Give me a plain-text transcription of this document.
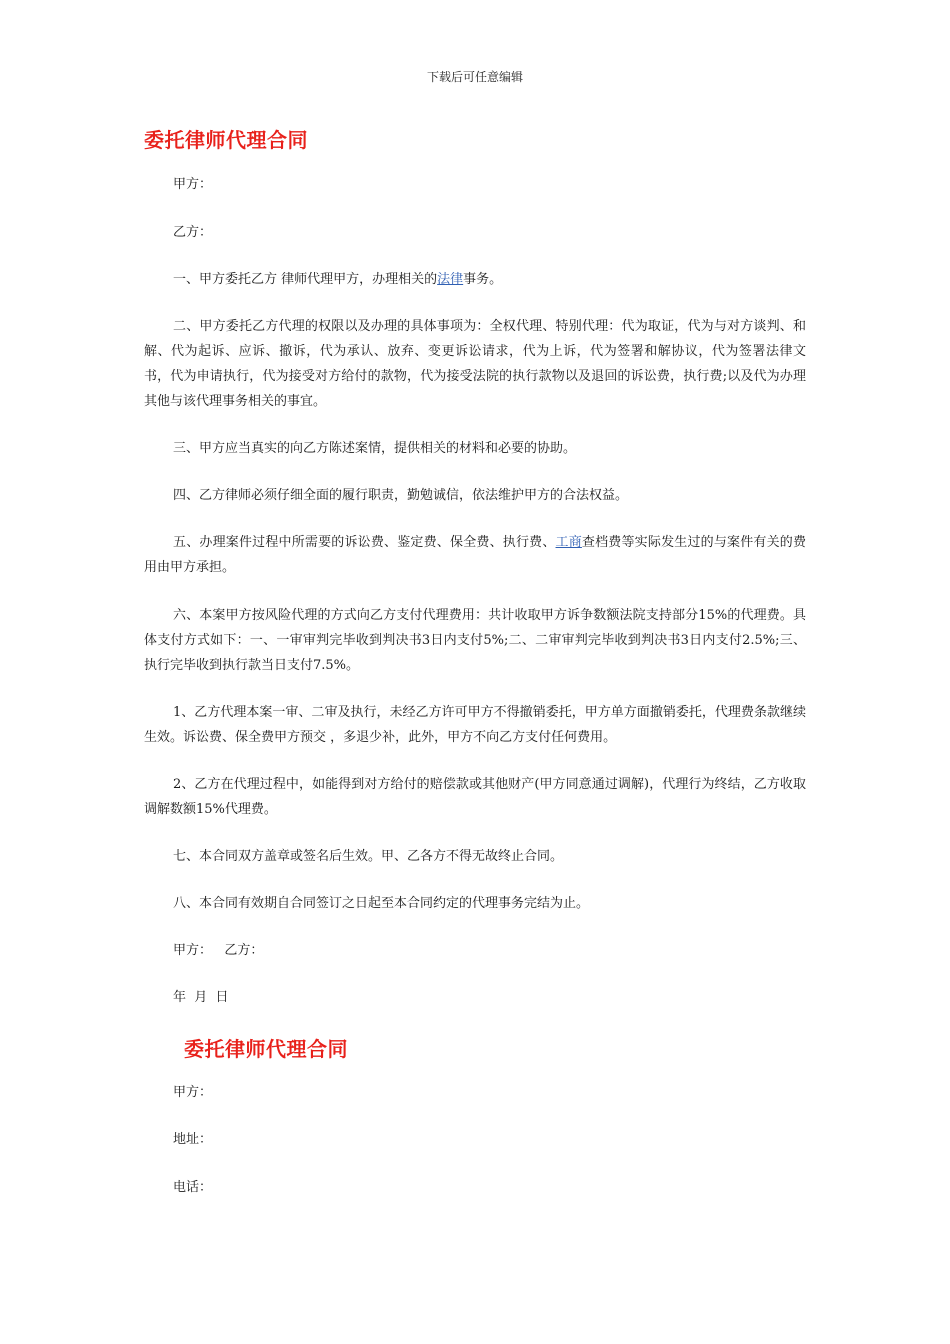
下载后可任意编辑
委托律师代理合同

甲方：

乙方：

一、甲方委托乙方 律师代理甲方，办理相关的法律事务。

二、甲方委托乙方代理的权限以及办理的具体事项为：全权代理、特别代理：代为取证，代为与对方谈判、和解、代为起诉、应诉、撤诉，代为承认、放弃、变更诉讼请求，代为上诉，代为签署和解协议，代为签署法律文书，代为申请执行，代为接受对方给付的款物，代为接受法院的执行款物以及退回的诉讼费，执行费;以及代为办理其他与该代理事务相关的事宜。

三、甲方应当真实的向乙方陈述案情，提供相关的材料和必要的协助。

四、乙方律师必须仔细全面的履行职责，勤勉诚信，依法维护甲方的合法权益。

五、办理案件过程中所需要的诉讼费、鉴定费、保全费、执行费、工商查档费等实际发生过的与案件有关的费用由甲方承担。

六、本案甲方按风险代理的方式向乙方支付代理费用：共计收取甲方诉争数额法院支持部分15%的代理费。具体支付方式如下：一、一审审判完毕收到判决书3日内支付5%;二、二审审判完毕收到判决书3日内支付2.5%;三、执行完毕收到执行款当日支付7.5%。

1、乙方代理本案一审、二审及执行，未经乙方许可甲方不得撤销委托，甲方单方面撤销委托，代理费条款继续生效。诉讼费、保全费甲方预交 ，多退少补，此外，甲方不向乙方支付任何费用。

2、乙方在代理过程中，如能得到对方给付的赔偿款或其他财产(甲方同意通过调解)，代理行为终结，乙方收取调解数额15%代理费。

七、本合同双方盖章或签名后生效。甲、乙各方不得无故终止合同。

八、本合同有效期自合同签订之日起至本合同约定的代理事务完结为止。

甲方：   乙方：

年  月  日

委托律师代理合同

甲方：

地址：

电话：
